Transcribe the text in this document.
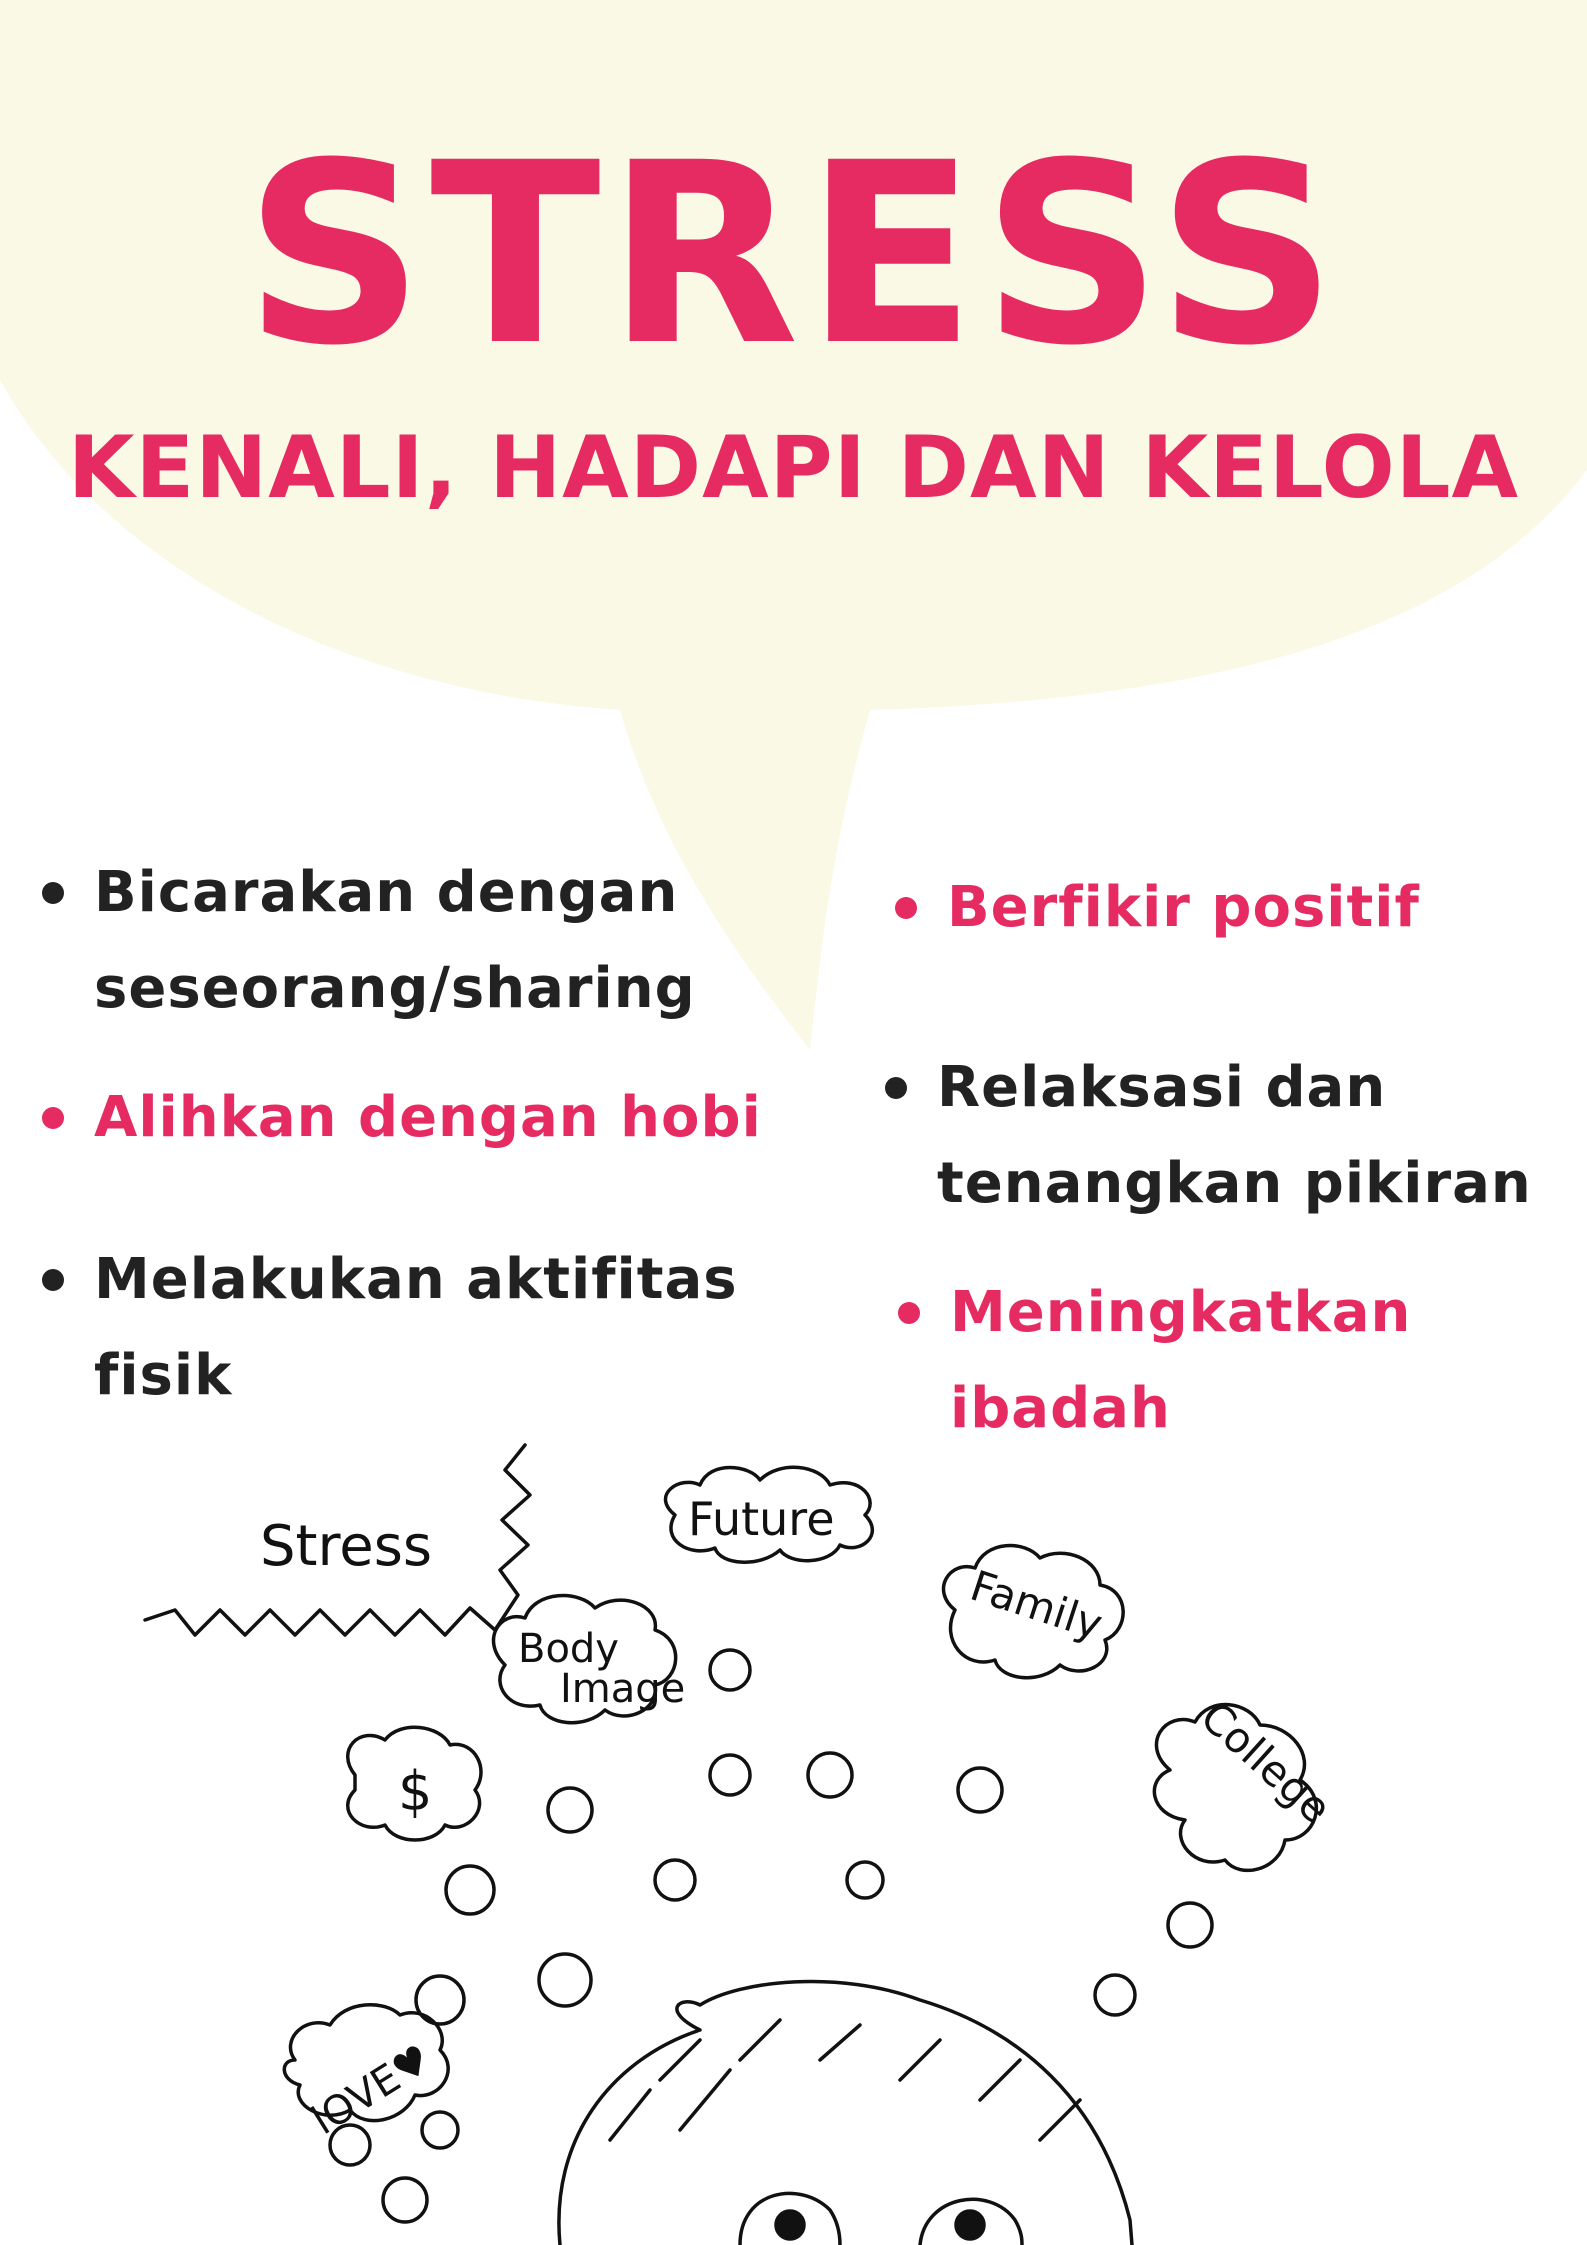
STRESS
KENALI, HADAPI DAN KELOLA
Bicarakan dengan
seseorang/sharing
Alihkan dengan hobi
Melakukan aktifitas
fisik
Berfikir positif
Relaksasi dan
tenangkan pikiran
Meningkatkan
ibadah
Stress	Future
Body
Image
Family
College
$
lOVE♥
